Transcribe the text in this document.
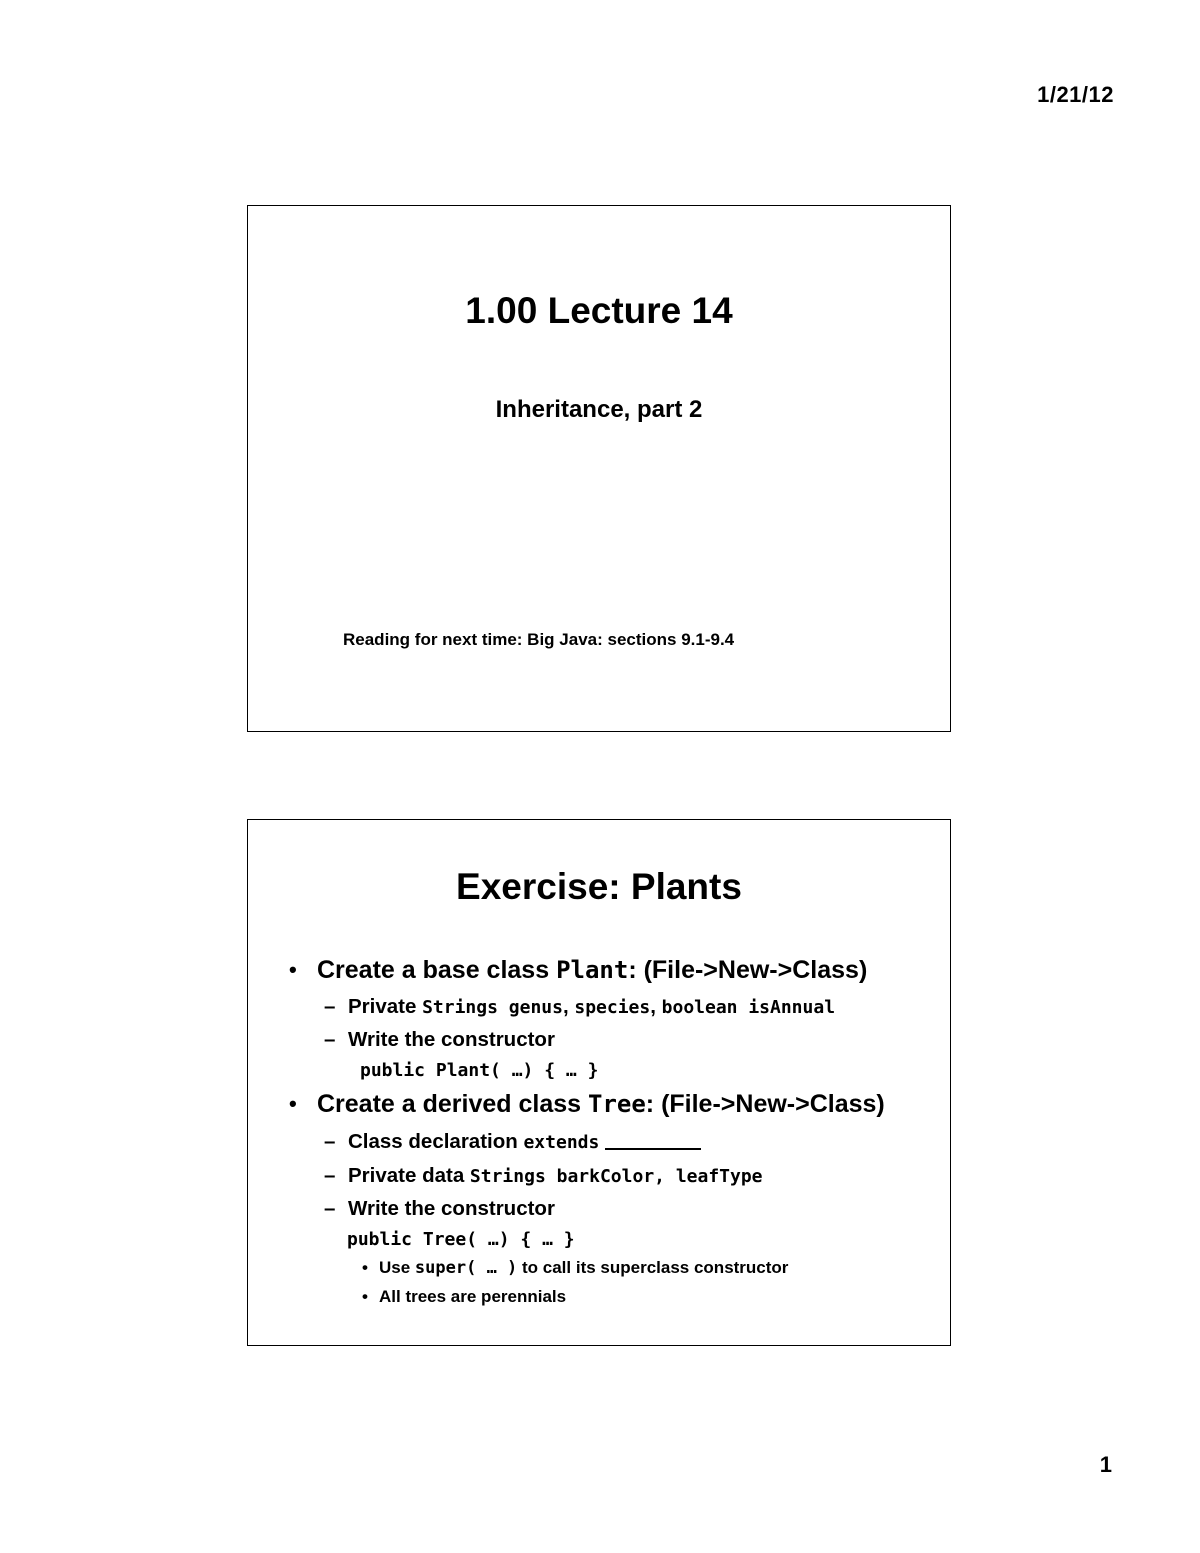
1/21/12
1.00 Lecture 14
Inheritance, part 2
Reading for next time: Big Java: sections 9.1-9.4
Exercise: Plants
• Create a base class Plant: (File->New->Class)
– Private Strings genus, species, boolean isAnnual
– Write the constructor
public Plant( …) { … }
• Create a derived class Tree: (File->New->Class)
– Class declaration extends
– Private data Strings barkColor, leafType
– Write the constructor
public Tree( …) { … }
• Use super( … ) to call its superclass constructor
• All trees are perennials
1
